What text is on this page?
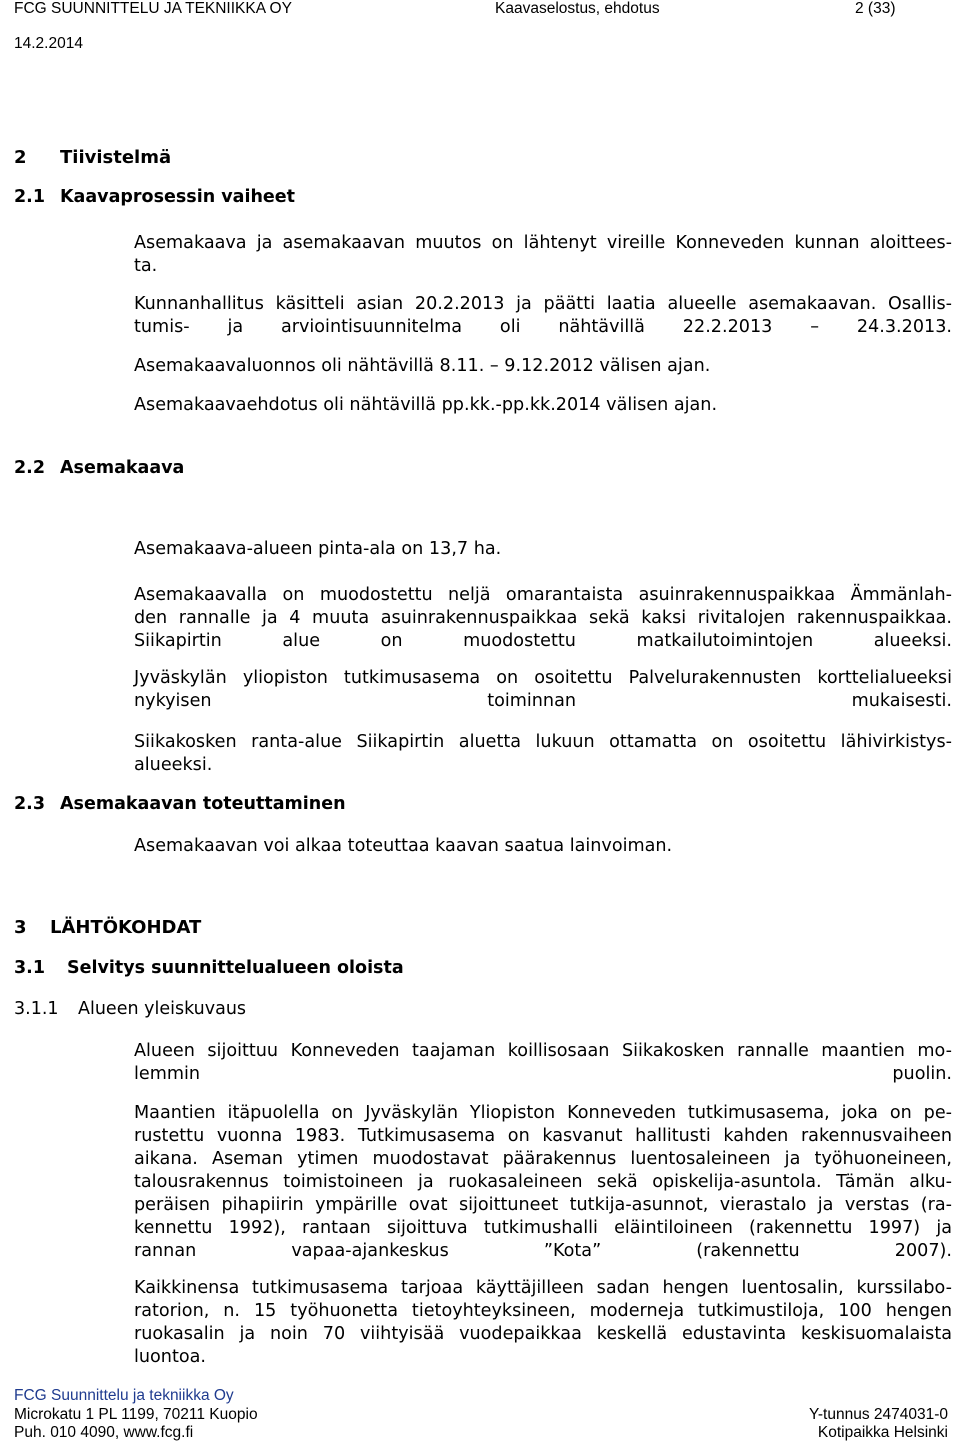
FCG SUUNNITTELU JA TEKNIIKKA OY	Kaavaselostus, ehdotus	2 (33)
14.2.2014
2 Tiivistelmä
2.1 Kaavaprosessin vaiheet
Asemakaava ja asemakaavan muutos on lähtenyt vireille Konneveden kunnan aloittees-
ta.
Kunnanhallitus käsitteli asian 20.2.2013 ja päätti laatia alueelle asemakaavan. Osallis-
tumis- ja arviointisuunnitelma oli nähtävillä 22.2.2013 – 24.3.2013.
Asemakaavaluonnos oli nähtävillä 8.11. – 9.12.2012 välisen ajan.
Asemakaavaehdotus oli nähtävillä pp.kk.-pp.kk.2014 välisen ajan.
2.2 Asemakaava
Asemakaava-alueen pinta-ala on 13,7 ha.
Asemakaavalla on muodostettu neljä omarantaista asuinrakennuspaikkaa Ämmänlah-
den rannalle ja 4 muuta asuinrakennuspaikkaa sekä kaksi rivitalojen rakennuspaikkaa.
Siikapirtin alue on muodostettu matkailutoimintojen alueeksi.
Jyväskylän yliopiston tutkimusasema on osoitettu Palvelurakennusten korttelialueeksi
nykyisen toiminnan mukaisesti.
Siikakosken ranta-alue Siikapirtin aluetta lukuun ottamatta on osoitettu lähivirkistys-
alueeksi.
2.3 Asemakaavan toteuttaminen
Asemakaavan voi alkaa toteuttaa kaavan saatua lainvoiman.
3 LÄHTÖKOHDAT
3.1 Selvitys suunnittelualueen oloista
3.1.1 Alueen yleiskuvaus
Alueen sijoittuu Konneveden taajaman koillisosaan Siikakosken rannalle maantien mo-
lemmin puolin.
Maantien itäpuolella on Jyväskylän Yliopiston Konneveden tutkimusasema, joka on pe-
rustettu vuonna 1983. Tutkimusasema on kasvanut hallitusti kahden rakennusvaiheen
aikana. Aseman ytimen muodostavat päärakennus luentosaleineen ja työhuoneineen,
talousrakennus toimistoineen ja ruokasaleineen sekä opiskelija-asuntola. Tämän alku-
peräisen pihapiirin ympärille ovat sijoittuneet tutkija-asunnot, vierastalo ja verstas (ra-
kennettu 1992), rantaan sijoittuva tutkimushalli eläintiloineen (rakennettu 1997) ja
rannan vapaa-ajankeskus ”Kota” (rakennettu 2007).
Kaikkinensa tutkimusasema tarjoaa käyttäjilleen sadan hengen luentosalin, kurssilabo-
ratorion, n. 15 työhuonetta tietoyhteyksineen, moderneja tutkimustiloja, 100 hengen
ruokasalin ja noin 70 viihtyisää vuodepaikkaa keskellä edustavinta keskisuomalaista
luontoa.
FCG Suunnittelu ja tekniikka Oy
Microkatu 1 PL 1199, 70211 Kuopio
Puh. 010 4090, www.fcg.fi
Y-tunnus 2474031-0
Kotipaikka Helsinki
